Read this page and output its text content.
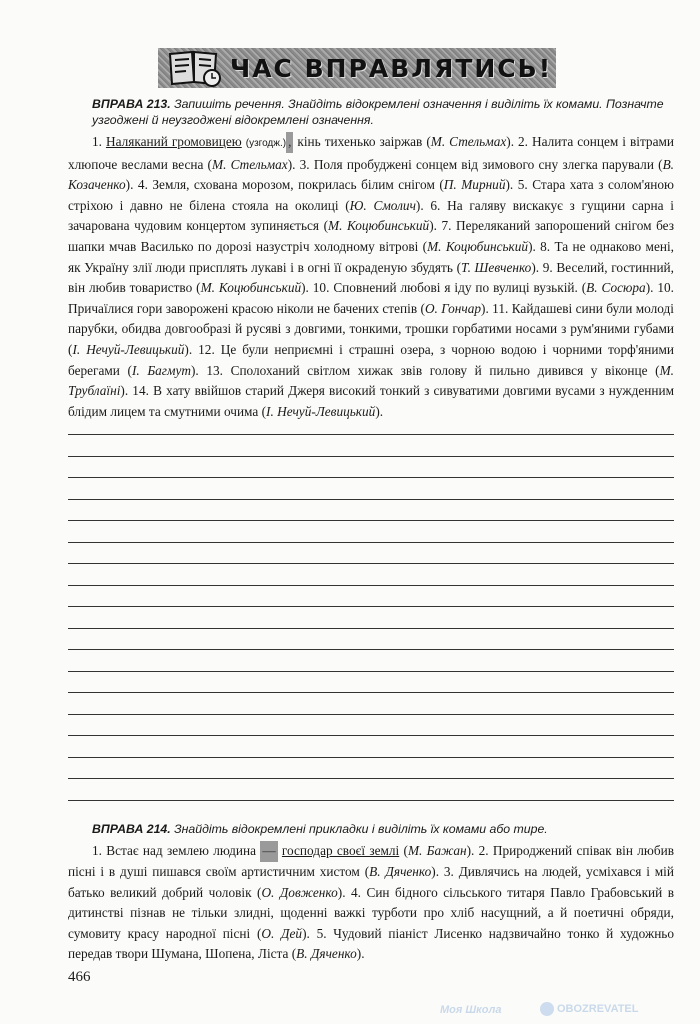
ЧАС ВПРАВЛЯТИСЬ!
ВПРАВА 213. Запишіть речення. Знайдіть відокремлені означення і виділіть їх комами. Позначте узгоджені й неузгоджені відокремлені означення.

1. Наляканий громовицею (узгодж.) , кінь тихенько заіржав (М. Стельмах). 2. Налита сонцем і вітрами хлюпоче веслами весна (М. Стельмах). 3. Поля пробуджені сонцем від зимового сну злегка парували (В. Козаченко). 4. Земля, схована морозом, покрилась білим снігом (П. Мирний). 5. Стара хата з солом'яною стріхою і давно не білена стояла на околиці (Ю. Смолич). 6. На галяву вискакує з гущини сарна і зачарована чудовим концертом зупиняється (М. Коцюбинський). 7. Переляканий запорошений снігом без шапки мчав Василько по дорозі назустріч холодному вітрові (М. Коцюбинський). 8. Та не однаково мені, як Україну злії люди присплять лукаві і в огні її окраденую збудять (Т. Шевченко). 9. Веселий, гостинний, він любив товариство (М. Коцюбинський). 10. Сповнений любові я іду по вулиці вузькій. (В. Сосюра). 10. Причаїлися гори заворожені красою ніколи не бачених степів (О. Гончар). 11. Кайдашеві сини були молоді парубки, обидва довгообразі й русяві з довгими, тонкими, трошки горбатими носами з рум'яними губами (І. Нечуй-Левицький). 12. Це були неприємні і страшні озера, з чорною водою і чорними торф'яними берегами (І. Багмут). 13. Сполоханий світлом хижак звів голову й пильно дивився у віконце (М. Трублаїні). 14. В хату ввійшов старий Джеря високий тонкий з сивуватими довгими вусами з нужденним блідим лицем та смутними очима (І. Нечуй-Левицький).

ВПРАВА 214. Знайдіть відокремлені прикладки і виділіть їх комами або тире.

1. Встає над землею людина — господар своєї землі (М. Бажан). 2. Природжений співак він любив пісні і в душі пишався своїм артистичним хистом (В. Дяченко). 3. Дивлячись на людей, усміхався і мій батько великий добрий чоловік (О. Довженко). 4. Син бідного сільського титаря Павло Грабовський в дитинстві пізнав не тільки злидні, щоденні важкі турботи про хліб насущний, а й поетичні обряди, сумовиту красу народної пісні (О. Дей). 5. Чудовий піаніст Лисенко надзвичайно тонко й художньо передав твори Шумана, Шопена, Ліста (В. Дяченко).

466
Моя Школа	OBOZREVATEL
